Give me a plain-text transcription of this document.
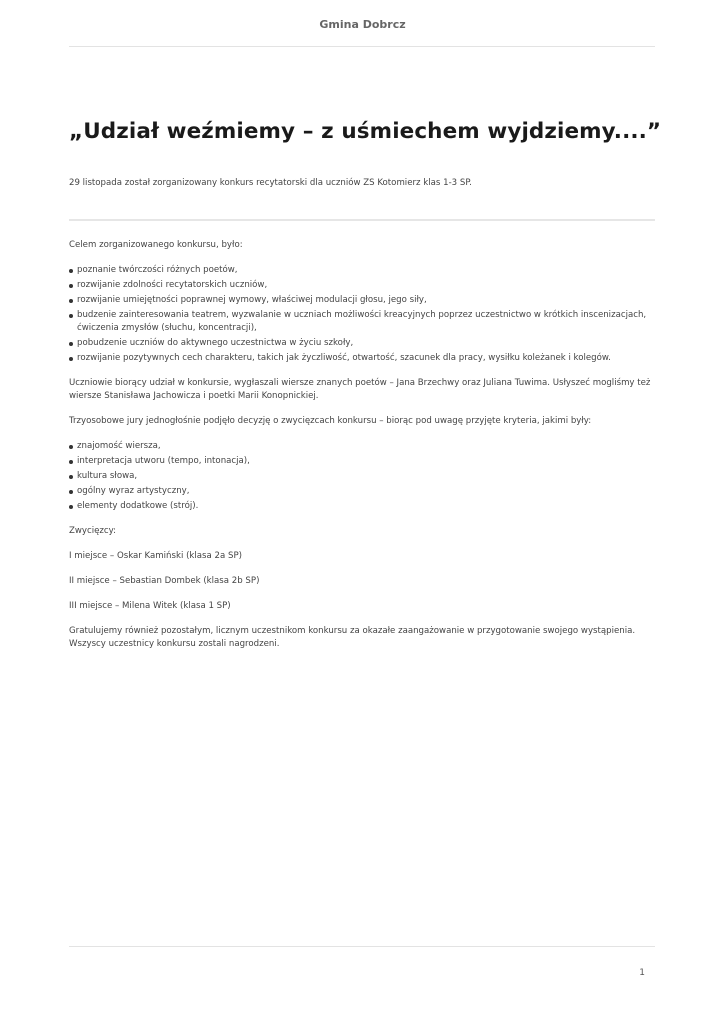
Gmina Dobrcz
„Udział weźmiemy – z uśmiechem wyjdziemy....”

29 listopada został zorganizowany konkurs recytatorski dla uczniów ZS Kotomierz klas 1-3 SP.

Celem zorganizowanego konkursu, było:

poznanie twórczości różnych poetów,
rozwijanie zdolności recytatorskich uczniów,
rozwijanie umiejętności poprawnej wymowy, właściwej modulacji głosu, jego siły,
budzenie zainteresowania teatrem, wyzwalanie w uczniach możliwości kreacyjnych poprzez uczestnictwo w krótkich inscenizacjach, ćwiczenia zmysłów (słuchu, koncentracji),
pobudzenie uczniów do aktywnego uczestnictwa w życiu szkoły,
rozwijanie pozytywnych cech charakteru, takich jak życzliwość, otwartość, szacunek dla pracy, wysiłku koleżanek i kolegów.

Uczniowie biorący udział w konkursie, wygłaszali wiersze znanych poetów – Jana Brzechwy oraz Juliana Tuwima. Usłyszeć mogliśmy też wiersze Stanisława Jachowicza i poetki Marii Konopnickiej.

Trzyosobowe jury jednogłośnie podjęło decyzję o zwycięzcach konkursu – biorąc pod uwagę przyjęte kryteria, jakimi były:

znajomość wiersza,
interpretacja utworu (tempo, intonacja),
kultura słowa,
ogólny wyraz artystyczny,
elementy dodatkowe (strój).

Zwycięzcy:

I miejsce – Oskar Kamiński (klasa 2a SP)

II miejsce – Sebastian Dombek (klasa 2b SP)

III miejsce – Milena Witek (klasa 1 SP)

Gratulujemy również pozostałym, licznym uczestnikom konkursu za okazałe zaangażowanie w przygotowanie swojego wystąpienia. Wszyscy uczestnicy konkursu zostali nagrodzeni.

1
